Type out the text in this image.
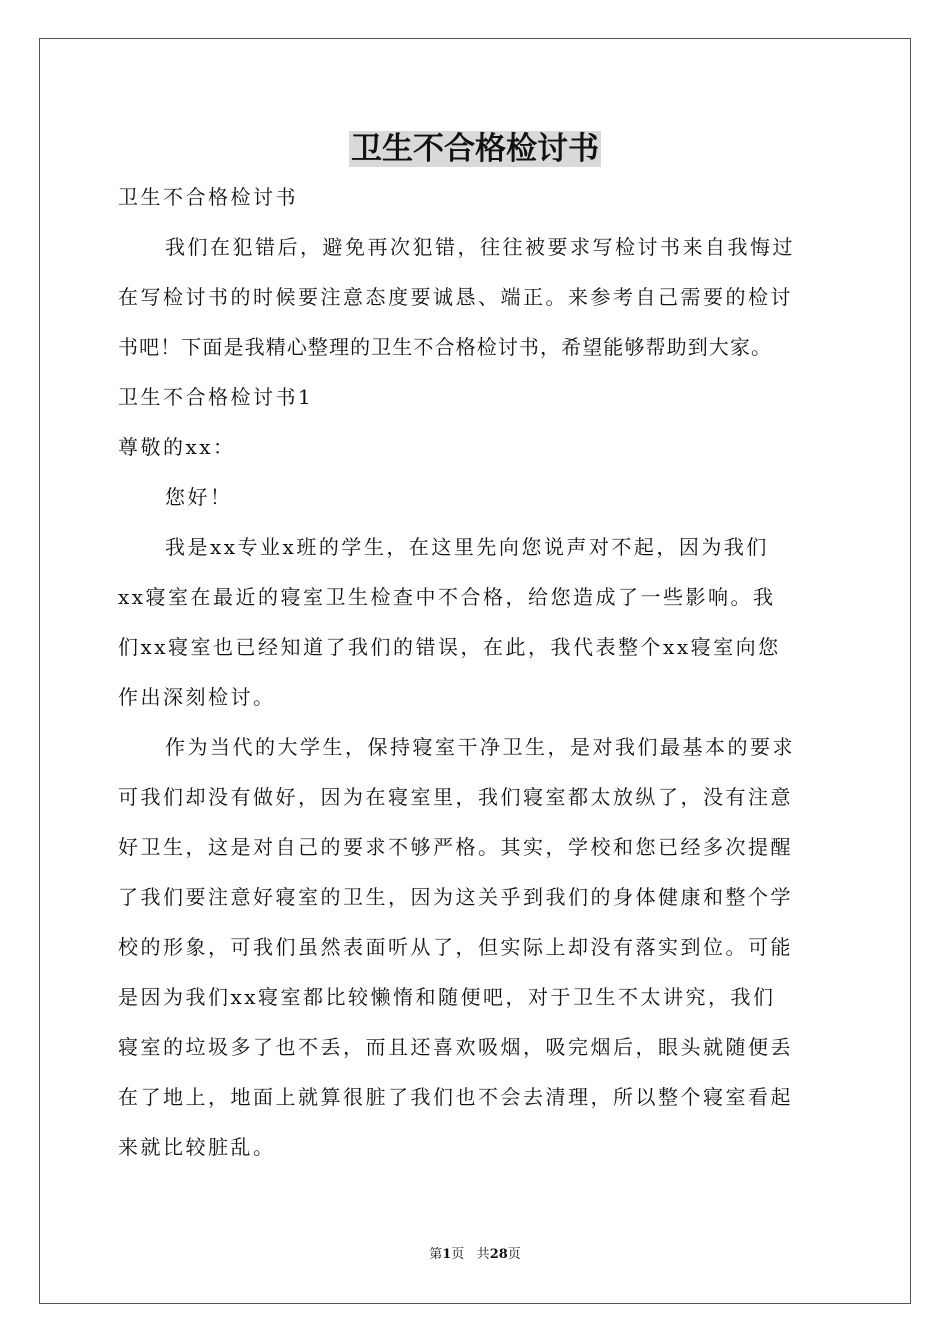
卫生不合格检讨书
卫生不合格检讨书
我们在犯错后，避免再次犯错，往往被要求写检讨书来自我悔过
在写检讨书的时候要注意态度要诚恳、端正。来参考自己需要的检讨
书吧！下面是我精心整理的卫生不合格检讨书，希望能够帮助到大家。
卫生不合格检讨书1
尊敬的xx：
您好！
我是xx专业x班的学生，在这里先向您说声对不起，因为我们
xx寝室在最近的寝室卫生检查中不合格，给您造成了一些影响。我
们xx寝室也已经知道了我们的错误，在此，我代表整个xx寝室向您
作出深刻检讨。
作为当代的大学生，保持寝室干净卫生，是对我们最基本的要求
可我们却没有做好，因为在寝室里，我们寝室都太放纵了，没有注意
好卫生，这是对自己的要求不够严格。其实，学校和您已经多次提醒
了我们要注意好寝室的卫生，因为这关乎到我们的身体健康和整个学
校的形象，可我们虽然表面听从了，但实际上却没有落实到位。可能
是因为我们xx寝室都比较懒惰和随便吧，对于卫生不太讲究，我们
寝室的垃圾多了也不丢，而且还喜欢吸烟，吸完烟后，眼头就随便丢
在了地上，地面上就算很脏了我们也不会去清理，所以整个寝室看起
来就比较脏乱。
第1页 共28页
